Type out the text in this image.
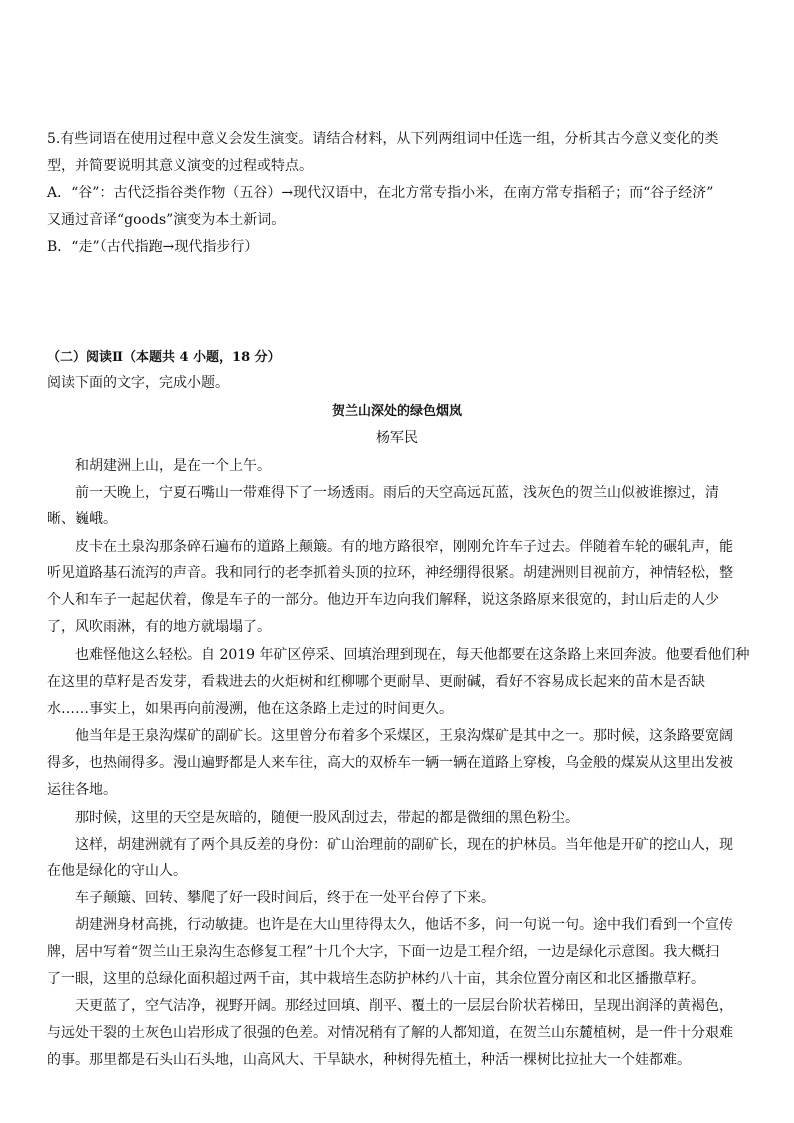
5.有些词语在使用过程中意义会发生演变。请结合材料，从下列两组词中任选一组，分析其古今意义变化的类
型，并简要说明其意义演变的过程或特点。
A．“谷”：古代泛指谷类作物（五谷）→现代汉语中，在北方常专指小米，在南方常专指稻子；而“谷子经济”
又通过音译“goods”演变为本土新词。
B．“走”（古代指跑→现代指步行）
（二）阅读Ⅱ（本题共 4 小题，18 分）
阅读下面的文字，完成小题。
贺兰山深处的绿色烟岚
杨军民
和胡建洲上山，是在一个上午。
前一天晚上，宁夏石嘴山一带难得下了一场透雨。雨后的天空高远瓦蓝，浅灰色的贺兰山似被谁擦过，清
晰、巍峨。
皮卡在土泉沟那条碎石遍布的道路上颠簸。有的地方路很窄，刚刚允许车子过去。伴随着车轮的碾轧声，能
听见道路基石流泻的声音。我和同行的老李抓着头顶的拉环，神经绷得很紧。胡建洲则目视前方，神情轻松，整
个人和车子一起起伏着，像是车子的一部分。他边开车边向我们解释，说这条路原来很宽的，封山后走的人少
了，风吹雨淋，有的地方就塌塌了。
也难怪他这么轻松。自 2019 年矿区停采、回填治理到现在，每天他都要在这条路上来回奔波。他要看他们种
在这里的草籽是否发芽，看栽进去的火炬树和红柳哪个更耐旱、更耐碱，看好不容易成长起来的苗木是否缺
水……事实上，如果再向前漫溯，他在这条路上走过的时间更久。
他当年是王泉沟煤矿的副矿长。这里曾分布着多个采煤区，王泉沟煤矿是其中之一。那时候，这条路要宽阔
得多，也热闹得多。漫山遍野都是人来车往，高大的双桥车一辆一辆在道路上穿梭，乌金般的煤炭从这里出发被
运往各地。
那时候，这里的天空是灰暗的，随便一股风刮过去，带起的都是微细的黑色粉尘。
这样，胡建洲就有了两个具反差的身份：矿山治理前的副矿长，现在的护林员。当年他是开矿的挖山人，现
在他是绿化的守山人。
车子颠簸、回转、攀爬了好一段时间后，终于在一处平台停了下来。
胡建洲身材高挑，行动敏捷。也许是在大山里待得太久，他话不多，问一句说一句。途中我们看到一个宣传
牌，居中写着“贺兰山王泉沟生态修复工程”十几个大字，下面一边是工程介绍，一边是绿化示意图。我大概扫
了一眼，这里的总绿化面积超过两千亩，其中栽培生态防护林约八十亩，其余位置分南区和北区播撒草籽。
天更蓝了，空气洁净，视野开阔。那经过回填、削平、覆土的一层层台阶状若梯田，呈现出润泽的黄褐色，
与远处干裂的土灰色山岩形成了很强的色差。对情况稍有了解的人都知道，在贺兰山东麓植树，是一件十分艰难
的事。那里都是石头山石头地，山高风大、干旱缺水，种树得先植土，种活一棵树比拉扯大一个娃都难。
